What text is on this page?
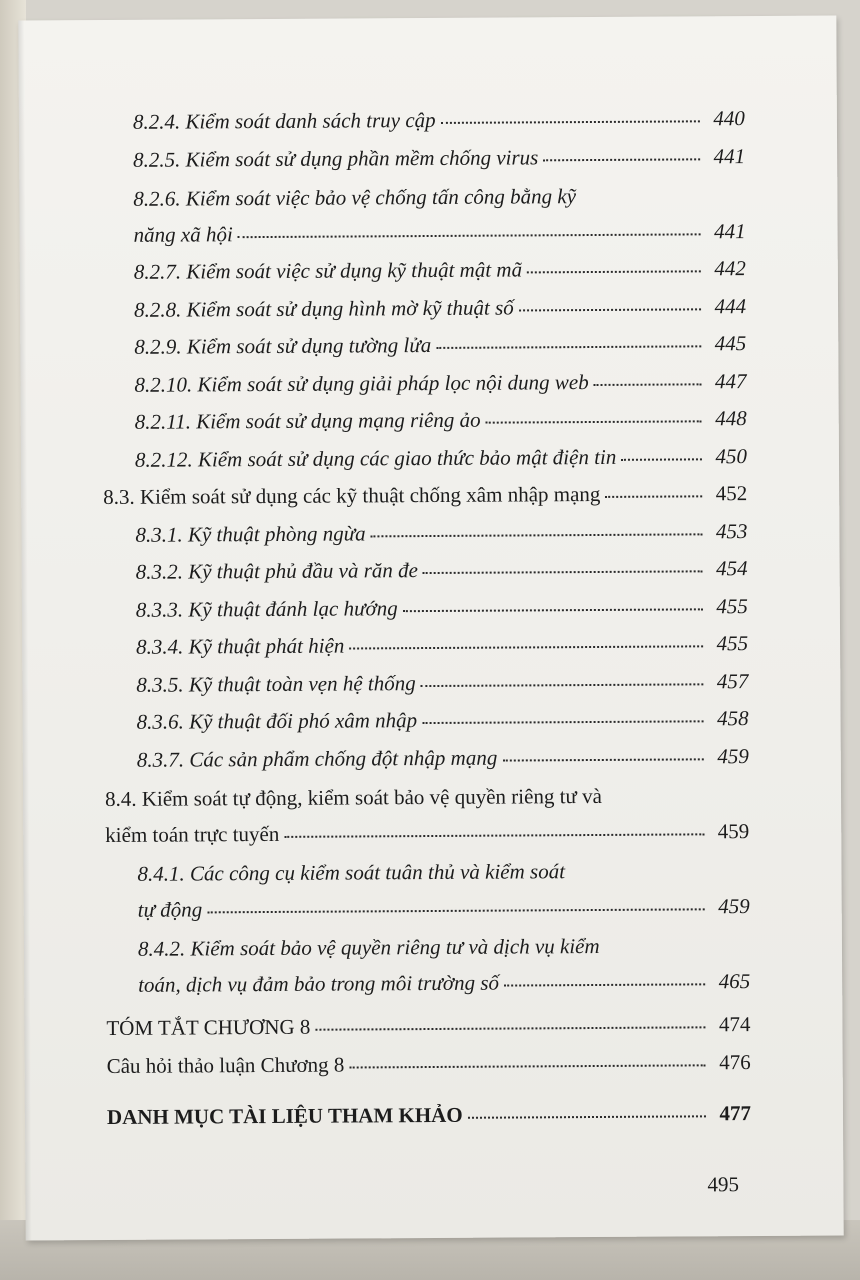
8.2.4. Kiểm soát danh sách truy cập	440
8.2.5. Kiểm soát sử dụng phần mềm chống virus	441
8.2.6. Kiểm soát việc bảo vệ chống tấn công bằng kỹ
năng xã hội	441
8.2.7. Kiểm soát việc sử dụng kỹ thuật mật mã	442
8.2.8. Kiểm soát sử dụng hình mờ kỹ thuật số	444
8.2.9. Kiểm soát sử dụng tường lửa	445
8.2.10. Kiểm soát sử dụng giải pháp lọc nội dung web	447
8.2.11. Kiểm soát sử dụng mạng riêng ảo	448
8.2.12. Kiểm soát sử dụng các giao thức bảo mật điện tin	450
8.3. Kiểm soát sử dụng các kỹ thuật chống xâm nhập mạng	452
8.3.1. Kỹ thuật phòng ngừa	453
8.3.2. Kỹ thuật phủ đầu và răn đe	454
8.3.3. Kỹ thuật đánh lạc hướng	455
8.3.4. Kỹ thuật phát hiện	455
8.3.5. Kỹ thuật toàn vẹn hệ thống	457
8.3.6. Kỹ thuật đối phó xâm nhập	458
8.3.7. Các sản phẩm chống đột nhập mạng	459
8.4. Kiểm soát tự động, kiểm soát bảo vệ quyền riêng tư và
kiểm toán trực tuyến	459
8.4.1. Các công cụ kiểm soát tuân thủ và kiểm soát
tự động	459
8.4.2. Kiểm soát bảo vệ quyền riêng tư và dịch vụ kiểm
toán, dịch vụ đảm bảo trong môi trường số	465
TÓM TẮT CHƯƠNG 8	474
Câu hỏi thảo luận Chương 8	476
DANH MỤC TÀI LIỆU THAM KHẢO	477
495
